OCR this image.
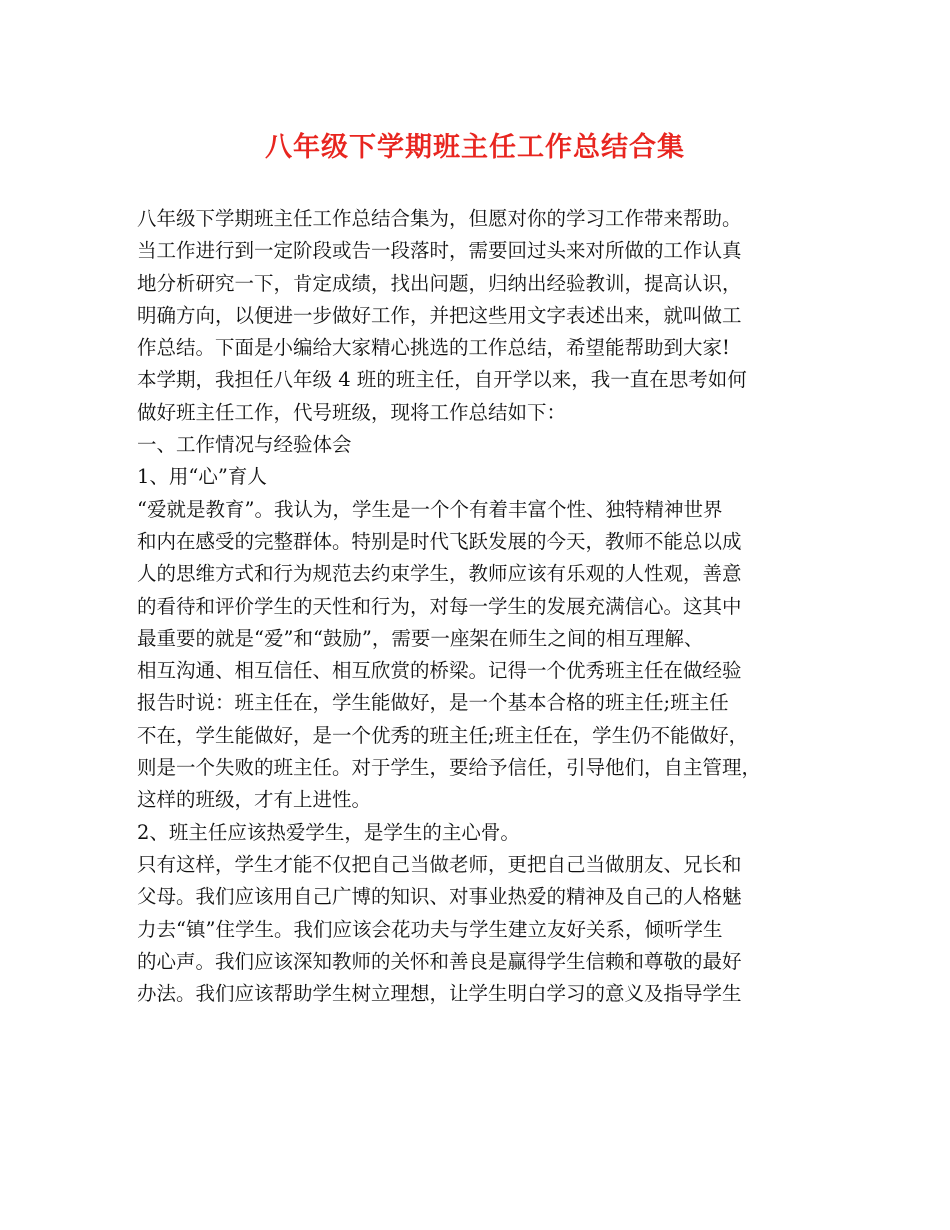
八年级下学期班主任工作总结合集
八年级下学期班主任工作总结合集为，但愿对你的学习工作带来帮助。
当工作进行到一定阶段或告一段落时，需要回过头来对所做的工作认真
地分析研究一下，肯定成绩，找出问题，归纳出经验教训，提高认识，
明确方向，以便进一步做好工作，并把这些用文字表述出来，就叫做工
作总结。下面是小编给大家精心挑选的工作总结，希望能帮助到大家!
本学期，我担任八年级 4 班的班主任，自开学以来，我一直在思考如何
做好班主任工作，代号班级，现将工作总结如下：
一、工作情况与经验体会
1、用“心”育人
“爱就是教育”。我认为，学生是一个个有着丰富个性、独特精神世界
和内在感受的完整群体。特别是时代飞跃发展的今天，教师不能总以成
人的思维方式和行为规范去约束学生，教师应该有乐观的人性观，善意
的看待和评价学生的天性和行为，对每一学生的发展充满信心。这其中
最重要的就是“爱”和“鼓励”，需要一座架在师生之间的相互理解、
相互沟通、相互信任、相互欣赏的桥梁。记得一个优秀班主任在做经验
报告时说：班主任在，学生能做好，是一个基本合格的班主任;班主任
不在，学生能做好，是一个优秀的班主任;班主任在，学生仍不能做好，
则是一个失败的班主任。对于学生，要给予信任，引导他们，自主管理，
这样的班级，才有上进性。
2、班主任应该热爱学生，是学生的主心骨。
只有这样，学生才能不仅把自己当做老师，更把自己当做朋友、兄长和
父母。我们应该用自己广博的知识、对事业热爱的精神及自己的人格魅
力去“镇”住学生。我们应该会花功夫与学生建立友好关系，倾听学生
的心声。我们应该深知教师的关怀和善良是赢得学生信赖和尊敬的最好
办法。我们应该帮助学生树立理想，让学生明白学习的意义及指导学生
